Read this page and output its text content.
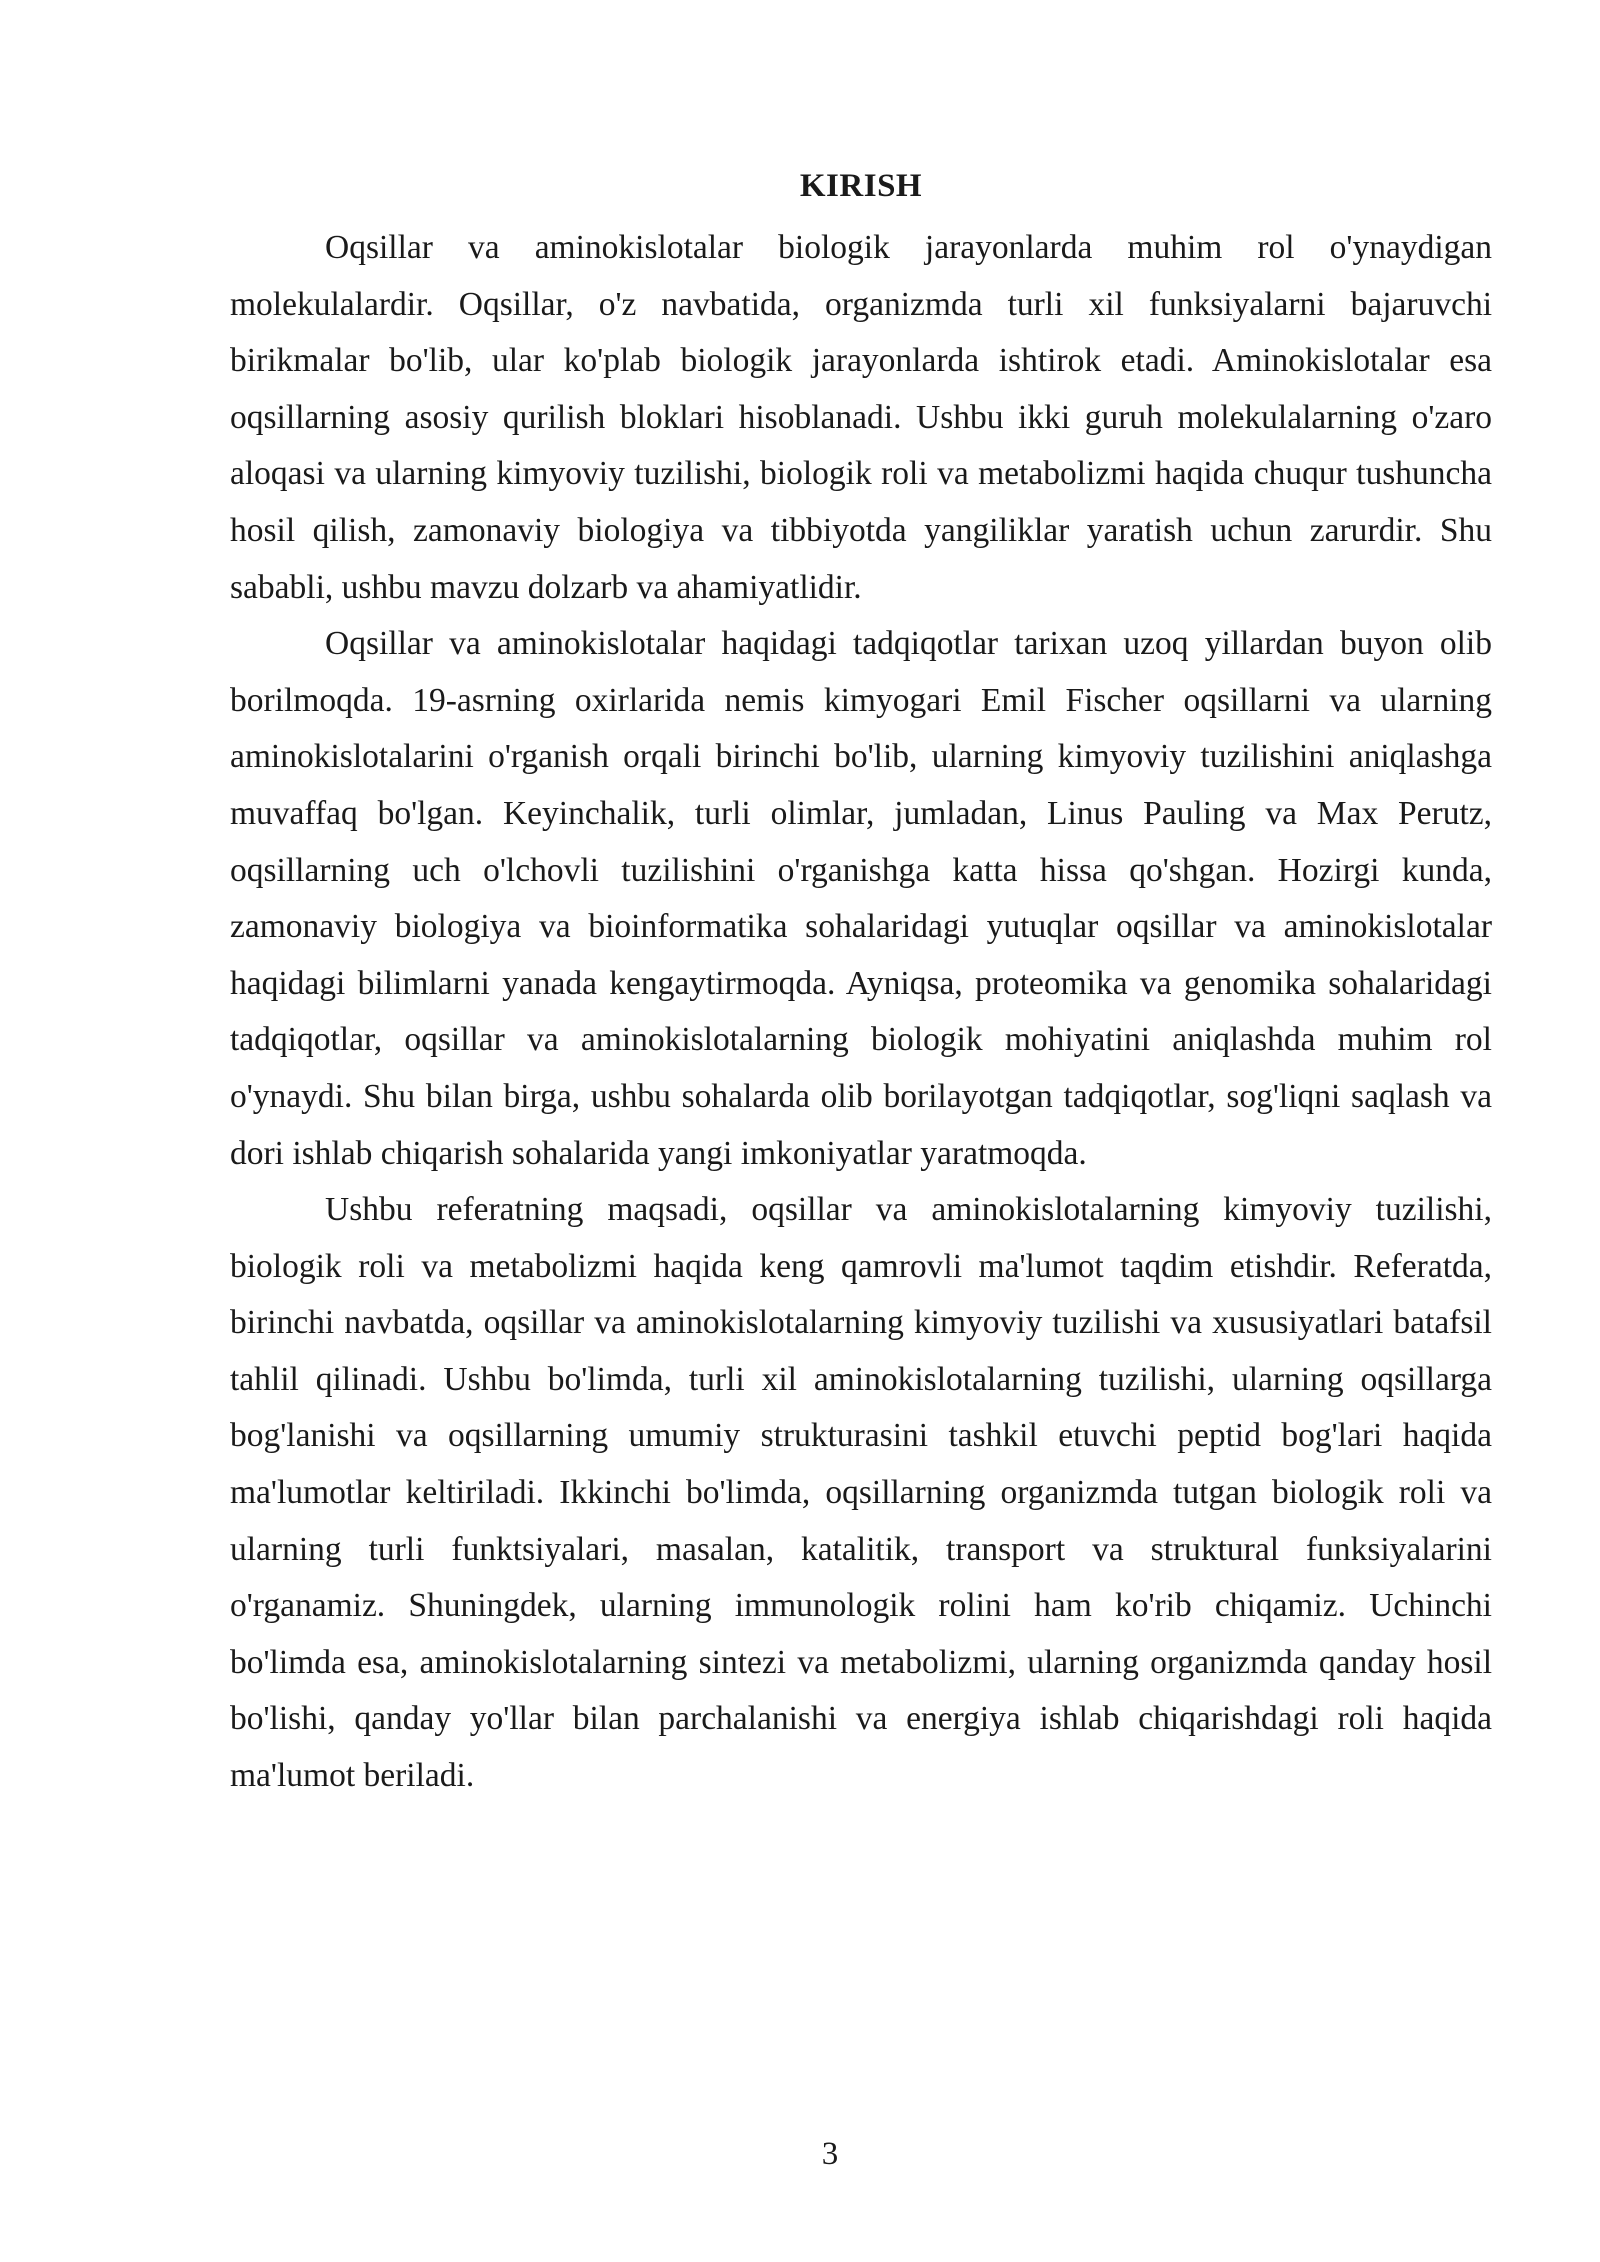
KIRISH

Oqsillar va aminokislotalar biologik jarayonlarda muhim rol o'ynaydigan molekulalardir. Oqsillar, o'z navbatida, organizmda turli xil funksiyalarni bajaruvchi birikmalar bo'lib, ular ko'plab biologik jarayonlarda ishtirok etadi. Aminokislotalar esa oqsillarning asosiy qurilish bloklari hisoblanadi. Ushbu ikki guruh molekulalarning o'zaro aloqasi va ularning kimyoviy tuzilishi, biologik roli va metabolizmi haqida chuqur tushuncha hosil qilish, zamonaviy biologiya va tibbiyotda yangiliklar yaratish uchun zarurdir. Shu sababli, ushbu mavzu dolzarb va ahamiyatlidir.

Oqsillar va aminokislotalar haqidagi tadqiqotlar tarixan uzoq yillardan buyon olib borilmoqda. 19-asrning oxirlarida nemis kimyogari Emil Fischer oqsillarni va ularning aminokislotalarini o'rganish orqali birinchi bo'lib, ularning kimyoviy tuzilishini aniqlashga muvaffaq bo'lgan. Keyinchalik, turli olimlar, jumladan, Linus Pauling va Max Perutz, oqsillarning uch o'lchovli tuzilishini o'rganishga katta hissa qo'shgan. Hozirgi kunda, zamonaviy biologiya va bioinformatika sohalaridagi yutuqlar oqsillar va aminokislotalar haqidagi bilimlarni yanada kengaytirmoqda. Ayniqsa, proteomika va genomika sohalaridagi tadqiqotlar, oqsillar va aminokislotalarning biologik mohiyatini aniqlashda muhim rol o'ynaydi. Shu bilan birga, ushbu sohalarda olib borilayotgan tadqiqotlar, sog'liqni saqlash va dori ishlab chiqarish sohalarida yangi imkoniyatlar yaratmoqda.

Ushbu referatning maqsadi, oqsillar va aminokislotalarning kimyoviy tuzilishi, biologik roli va metabolizmi haqida keng qamrovli ma'lumot taqdim etishdir. Referatda, birinchi navbatda, oqsillar va aminokislotalarning kimyoviy tuzilishi va xususiyatlari batafsil tahlil qilinadi. Ushbu bo'limda, turli xil aminokislotalarning tuzilishi, ularning oqsillarga bog'lanishi va oqsillarning umumiy strukturasini tashkil etuvchi peptid bog'lari haqida ma'lumotlar keltiriladi. Ikkinchi bo'limda, oqsillarning organizmda tutgan biologik roli va ularning turli funktsiyalari, masalan, katalitik, transport va struktural funksiyalarini o'rganamiz. Shuningdek, ularning immunologik rolini ham ko'rib chiqamiz. Uchinchi bo'limda esa, aminokislotalarning sintezi va metabolizmi, ularning organizmda qanday hosil bo'lishi, qanday yo'llar bilan parchalanishi va energiya ishlab chiqarishdagi roli haqida ma'lumot beriladi.

3
